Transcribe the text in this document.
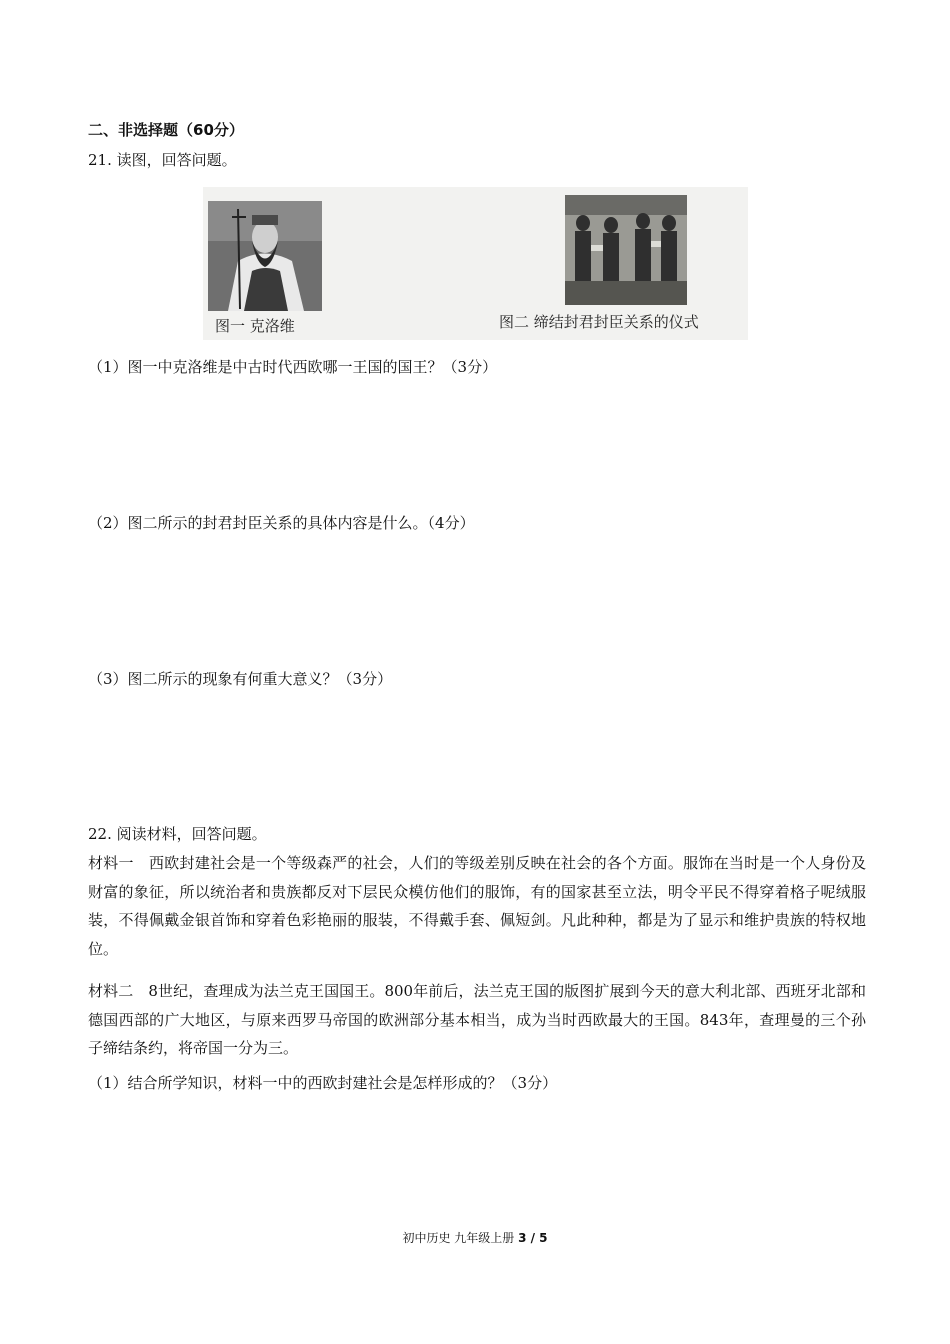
二、非选择题（60分）
21. 读图，回答问题。
图一 克洛维	图二 缔结封君封臣关系的仪式
（1）图一中克洛维是中古时代西欧哪一王国的国王？（3分）
（2）图二所示的封君封臣关系的具体内容是什么。（4分）
（3）图二所示的现象有何重大意义？（3分）
22. 阅读材料，回答问题。
材料一　西欧封建社会是一个等级森严的社会，人们的等级差别反映在社会的各个方面。服饰在当时是一个人身份及财富的象征，所以统治者和贵族都反对下层民众模仿他们的服饰，有的国家甚至立法，明令平民不得穿着格子呢绒服装，不得佩戴金银首饰和穿着色彩艳丽的服装，不得戴手套、佩短剑。凡此种种，都是为了显示和维护贵族的特权地位。
材料二　8世纪，查理成为法兰克王国国王。800年前后，法兰克王国的版图扩展到今天的意大利北部、西班牙北部和德国西部的广大地区，与原来西罗马帝国的欧洲部分基本相当，成为当时西欧最大的王国。843年，查理曼的三个孙子缔结条约，将帝国一分为三。
（1）结合所学知识，材料一中的西欧封建社会是怎样形成的？（3分）
初中历史 九年级上册 3 / 5
